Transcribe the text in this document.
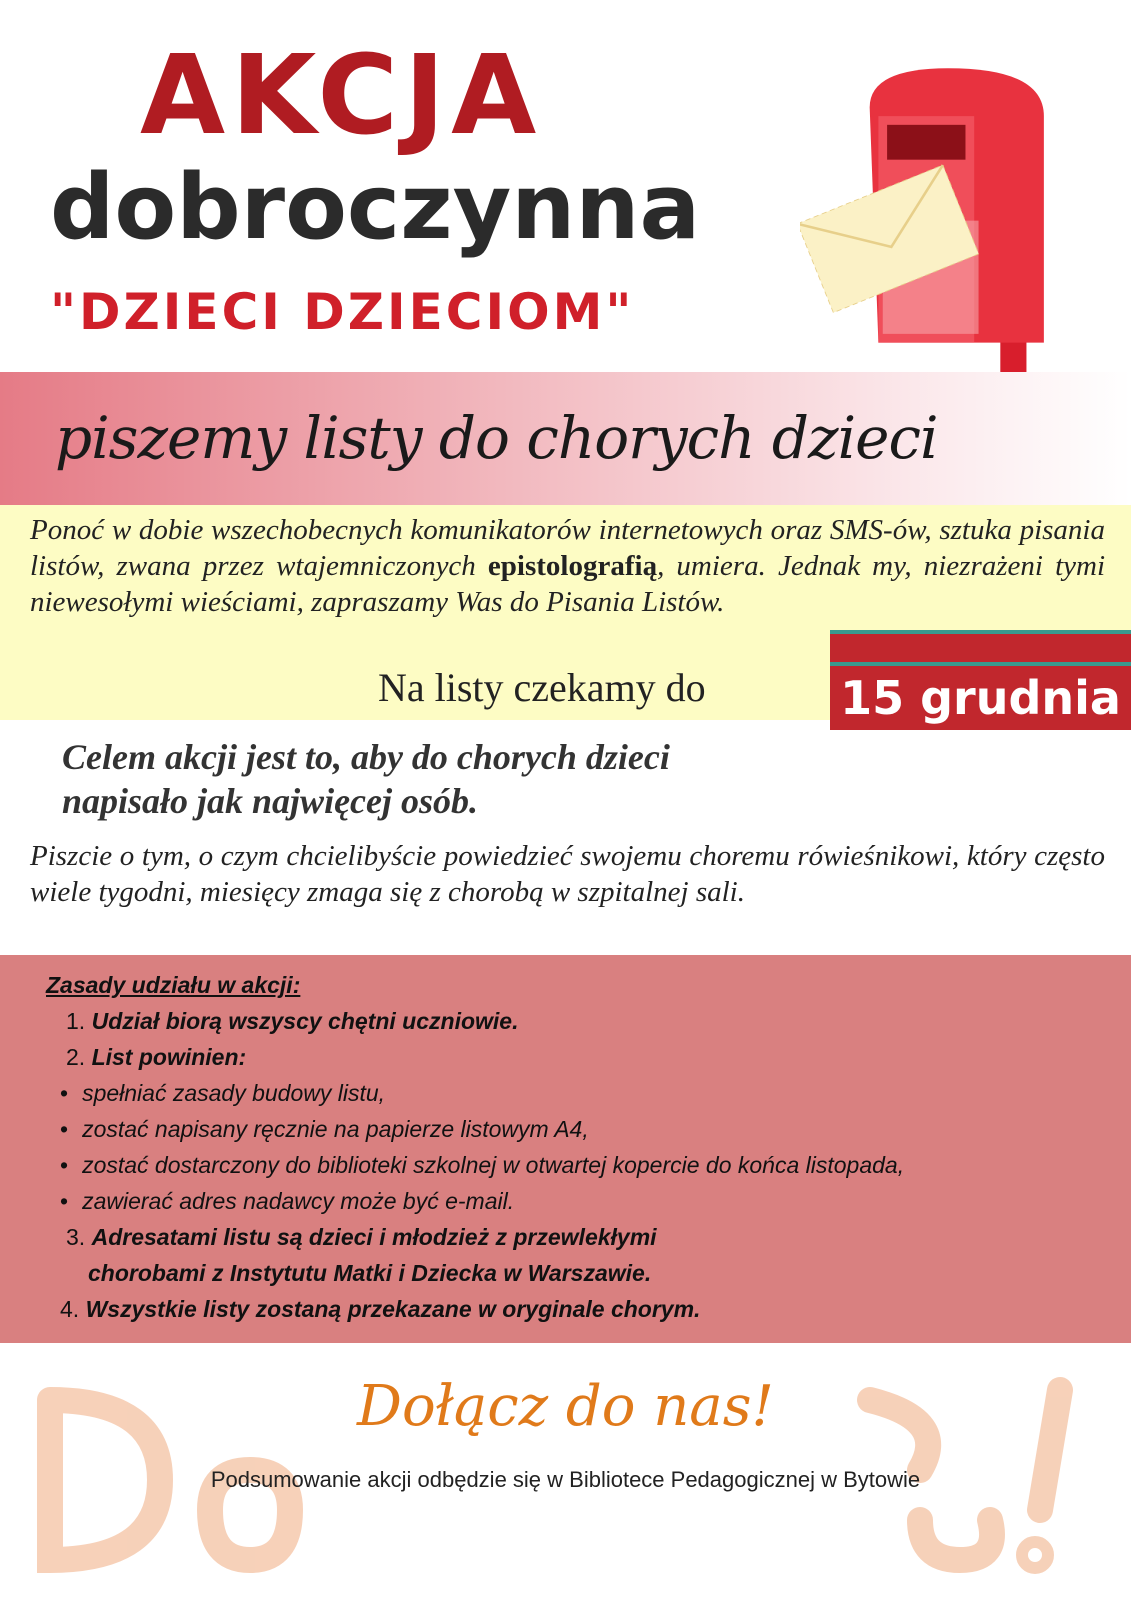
AKCJA
dobroczynna
"DZIECI DZIECIOM"
piszemy listy do chorych dzieci
Ponoć w dobie wszechobecnych komunikatorów internetowych oraz SMS-ów, sztuka pisania listów, zwana przez wtajemniczonych epistolografią, umiera. Jednak my, niezrażeni tymi niewesołymi wieściami, zapraszamy Was do Pisania Listów.
Na listy czekamy do	15 grudnia
Celem akcji jest to, aby do chorych dzieci
napisało jak najwięcej osób.
Piszcie o tym, o czym chcielibyście powiedzieć swojemu choremu rówieśnikowi, który często wiele tygodni, miesięcy zmaga się z chorobą w szpitalnej sali.
Zasady udziału w akcji:
1. Udział biorą wszyscy chętni uczniowie.
2. List powinien:
• spełniać zasady budowy listu,
• zostać napisany ręcznie na papierze listowym A4,
• zostać dostarczony do biblioteki szkolnej w otwartej kopercie do końca listopada,
• zawierać adres nadawcy może być e-mail.
3. Adresatami listu są dzieci i młodzież z przewlekłymi
chorobami z Instytutu Matki i Dziecka w Warszawie.
4. Wszystkie listy zostaną przekazane w oryginale chorym.
Dołącz do nas!
Podsumowanie akcji odbędzie się w Bibliotece Pedagogicznej w Bytowie
